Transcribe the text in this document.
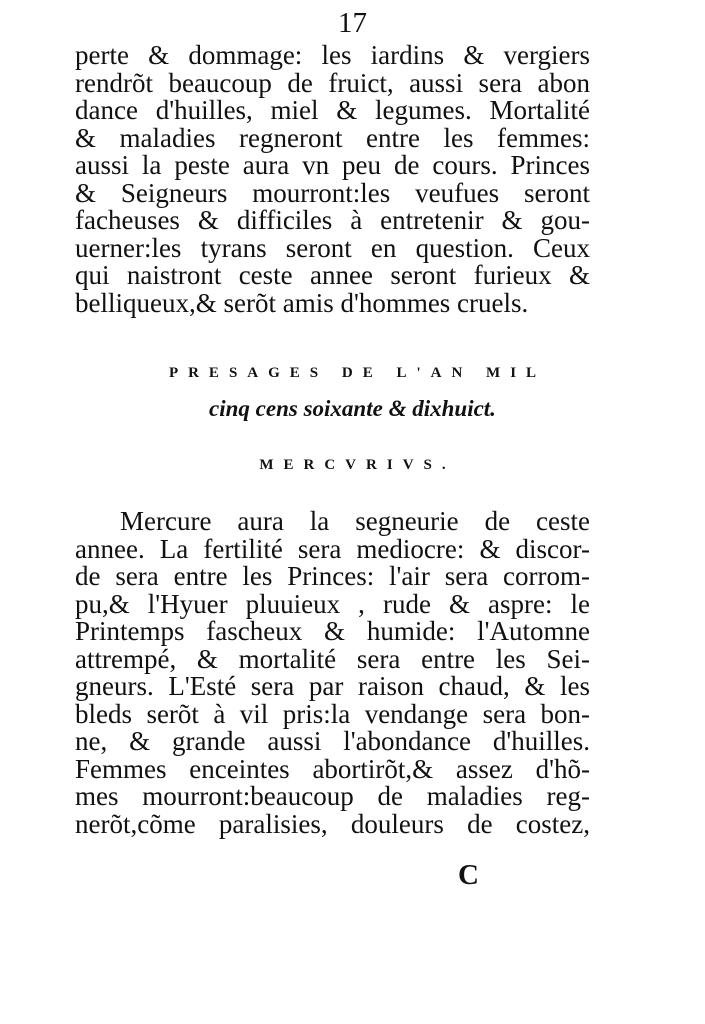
17
perte & dommage: les iardins & vergiers
rendrõt beaucoup de fruict, aussi sera abon
dance d'huilles, miel & legumes. Mortalité
& maladies regneront entre les femmes:
aussi la peste aura vn peu de cours. Princes
& Seigneurs mourront:les veufues seront
facheuses & difficiles à entretenir & gou-
uerner:les tyrans seront en question. Ceux
qui naistront ceste annee seront furieux &
belliqueux,& serõt amis d'hommes cruels.
PRESAGES DE L'AN MIL
cinq cens soixante & dixhuict.
MERCVRIVS.
Mercure aura la segneurie de ceste
annee. La fertilité sera mediocre: & discor-
de sera entre les Princes: l'air sera corrom-
pu,& l'Hyuer pluuieux , rude & aspre: le
Printemps fascheux & humide: l'Automne
attrempé, & mortalité sera entre les Sei-
gneurs. L'Esté sera par raison chaud, & les
bleds serõt à vil pris:la vendange sera bon-
ne, & grande aussi l'abondance d'huilles.
Femmes enceintes abortirõt,& assez d'hõ-
mes mourront:beaucoup de maladies reg-
nerõt,cõme paralisies, douleurs de costez,
C
